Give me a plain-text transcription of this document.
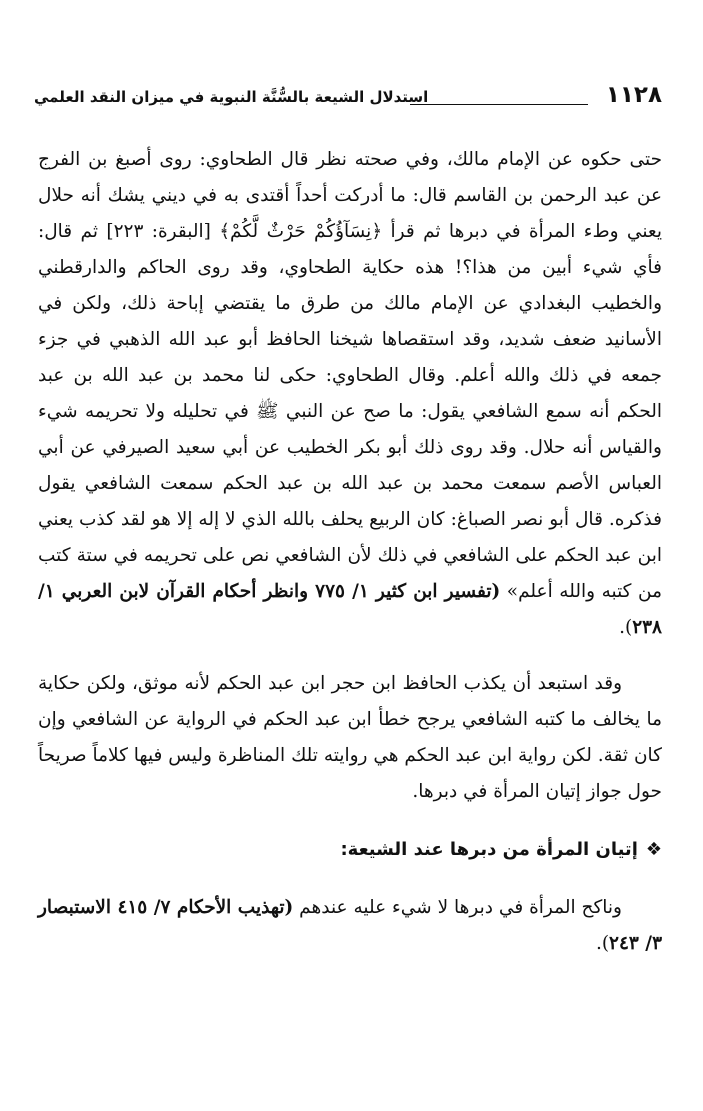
١١٢٨
استدلال الشيعة بالسُّنَّة النبوية في ميزان النقد العلمي

حتى حكوه عن الإمام مالك، وفي صحته نظر قال الطحاوي: روى أصبغ بن الفرج عن عبد الرحمن بن القاسم قال: ما أدركت أحداً أقتدى به في ديني يشك أنه حلال يعني وطء المرأة في دبرها ثم قرأ ﴿نِسَآؤُكُمْ حَرْثٌ لَّكُمْ﴾ [البقرة: ٢٢٣] ثم قال: فأي شيء أبين من هذا؟! هذه حكاية الطحاوي، وقد روى الحاكم والدارقطني والخطيب البغدادي عن الإمام مالك من طرق ما يقتضي إباحة ذلك، ولكن في الأسانيد ضعف شديد، وقد استقصاها شيخنا الحافظ أبو عبد الله الذهبي في جزء جمعه في ذلك والله أعلم. وقال الطحاوي: حكى لنا محمد بن عبد الله بن عبد الحكم أنه سمع الشافعي يقول: ما صح عن النبي ﷺ في تحليله ولا تحريمه شيء والقياس أنه حلال. وقد روى ذلك أبو بكر الخطيب عن أبي سعيد الصيرفي عن أبي العباس الأصم سمعت محمد بن عبد الله بن عبد الحكم سمعت الشافعي يقول فذكره. قال أبو نصر الصباغ: كان الربيع يحلف بالله الذي لا إله إلا هو لقد كذب يعني ابن عبد الحكم على الشافعي في ذلك لأن الشافعي نص على تحريمه في ستة كتب من كتبه والله أعلم» (تفسير ابن كثير ١/ ٧٧٥ وانظر أحكام القرآن لابن العربي ١/ ٢٣٨).

وقد استبعد أن يكذب الحافظ ابن حجر ابن عبد الحكم لأنه موثق، ولكن حكاية ما يخالف ما كتبه الشافعي يرجح خطأ ابن عبد الحكم في الرواية عن الشافعي وإن كان ثقة. لكن رواية ابن عبد الحكم هي روايته تلك المناظرة وليس فيها كلاماً صريحاً حول جواز إتيان المرأة في دبرها.

❖إتيان المرأة من دبرها عند الشيعة:

وناكح المرأة في دبرها لا شيء عليه عندهم (تهذيب الأحكام ٧/ ٤١٥ الاستبصار ٣/ ٢٤٣).
